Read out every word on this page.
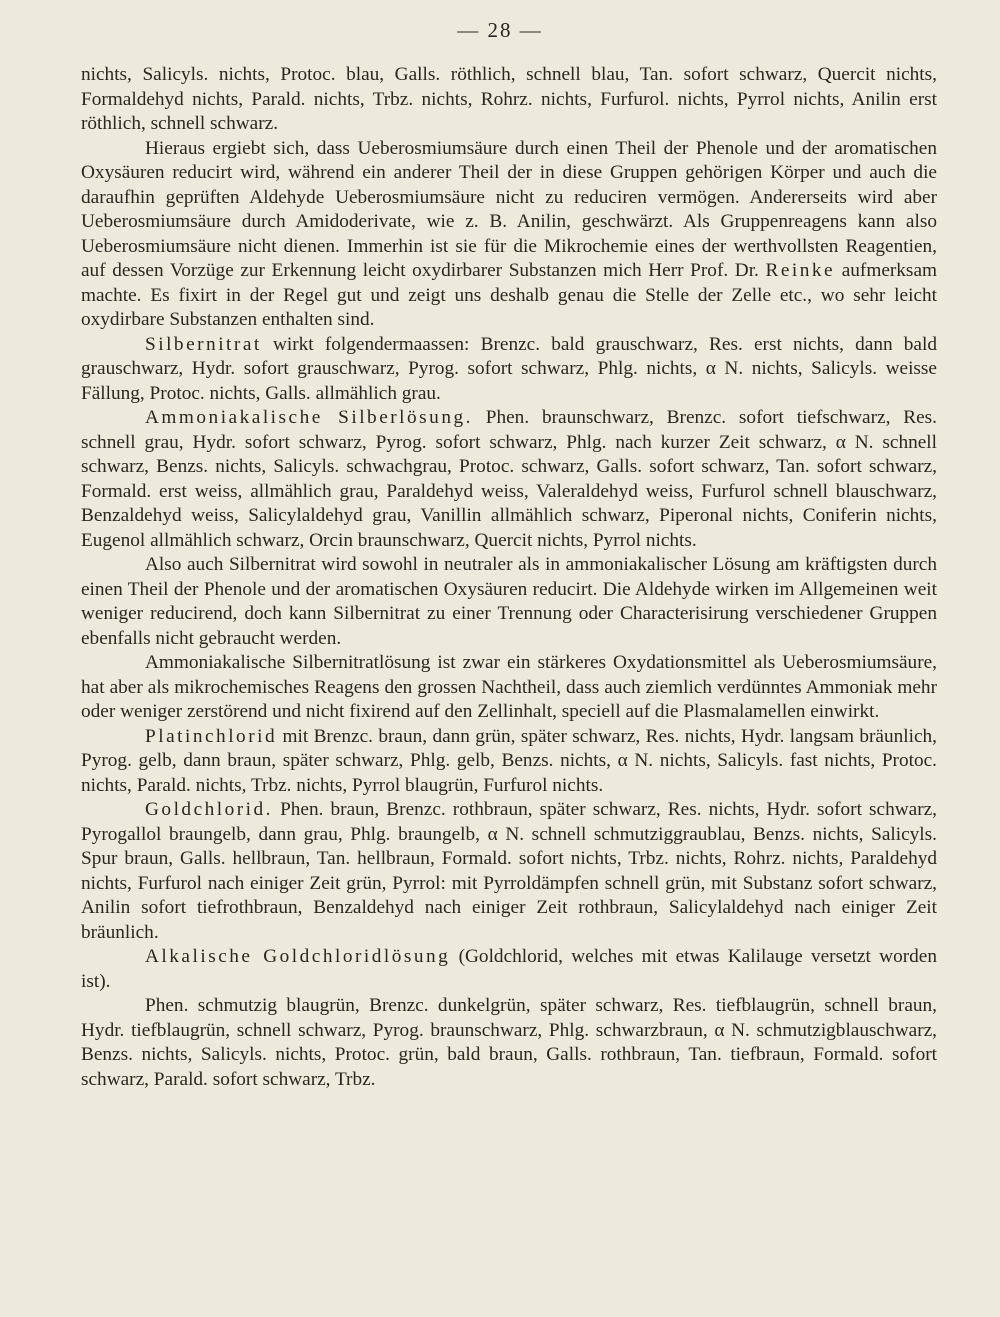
— 28 —

nichts, Salicyls. nichts, Protoc. blau, Galls. röthlich, schnell blau, Tan. sofort schwarz, Quercit nichts, Formaldehyd nichts, Parald. nichts, Trbz. nichts, Rohrz. nichts, Furfurol. nichts, Pyrrol nichts, Anilin erst röthlich, schnell schwarz.

Hieraus ergiebt sich, dass Ueberosmiumsäure durch einen Theil der Phenole und der aromatischen Oxysäuren reducirt wird, während ein anderer Theil der in diese Gruppen gehörigen Körper und auch die daraufhin geprüften Aldehyde Ueberosmiumsäure nicht zu reduciren vermögen. Andererseits wird aber Ueberosmiumsäure durch Amidoderivate, wie z. B. Anilin, geschwärzt. Als Gruppenreagens kann also Ueberosmiumsäure nicht dienen. Immerhin ist sie für die Mikrochemie eines der werthvollsten Reagentien, auf dessen Vorzüge zur Erkennung leicht oxydirbarer Substanzen mich Herr Prof. Dr. Reinke aufmerksam machte. Es fixirt in der Regel gut und zeigt uns deshalb genau die Stelle der Zelle etc., wo sehr leicht oxydirbare Substanzen enthalten sind.

Silbernitrat wirkt folgendermaassen: Brenzc. bald grauschwarz, Res. erst nichts, dann bald grauschwarz, Hydr. sofort grauschwarz, Pyrog. sofort schwarz, Phlg. nichts, α N. nichts, Salicyls. weisse Fällung, Protoc. nichts, Galls. allmählich grau.

Ammoniakalische Silberlösung. Phen. braunschwarz, Brenzc. sofort tiefschwarz, Res. schnell grau, Hydr. sofort schwarz, Pyrog. sofort schwarz, Phlg. nach kurzer Zeit schwarz, α N. schnell schwarz, Benzs. nichts, Salicyls. schwachgrau, Protoc. schwarz, Galls. sofort schwarz, Tan. sofort schwarz, Formald. erst weiss, allmählich grau, Paraldehyd weiss, Valeraldehyd weiss, Furfurol schnell blauschwarz, Benzaldehyd weiss, Salicylaldehyd grau, Vanillin allmählich schwarz, Piperonal nichts, Coniferin nichts, Eugenol allmählich schwarz, Orcin braunschwarz, Quercit nichts, Pyrrol nichts.

Also auch Silbernitrat wird sowohl in neutraler als in ammoniakalischer Lösung am kräftigsten durch einen Theil der Phenole und der aromatischen Oxysäuren reducirt. Die Aldehyde wirken im Allgemeinen weit weniger reducirend, doch kann Silbernitrat zu einer Trennung oder Characterisirung verschiedener Gruppen ebenfalls nicht gebraucht werden.

Ammoniakalische Silbernitratlösung ist zwar ein stärkeres Oxydationsmittel als Ueberosmiumsäure, hat aber als mikrochemisches Reagens den grossen Nachtheil, dass auch ziemlich verdünntes Ammoniak mehr oder weniger zerstörend und nicht fixirend auf den Zellinhalt, speciell auf die Plasmalamellen einwirkt.

Platinchlorid mit Brenzc. braun, dann grün, später schwarz, Res. nichts, Hydr. langsam bräunlich, Pyrog. gelb, dann braun, später schwarz, Phlg. gelb, Benzs. nichts, α N. nichts, Salicyls. fast nichts, Protoc. nichts, Parald. nichts, Trbz. nichts, Pyrrol blaugrün, Furfurol nichts.

Goldchlorid. Phen. braun, Brenzc. rothbraun, später schwarz, Res. nichts, Hydr. sofort schwarz, Pyrogallol braungelb, dann grau, Phlg. braungelb, α N. schnell schmutziggraublau, Benzs. nichts, Salicyls. Spur braun, Galls. hellbraun, Tan. hellbraun, Formald. sofort nichts, Trbz. nichts, Rohrz. nichts, Paraldehyd nichts, Furfurol nach einiger Zeit grün, Pyrrol: mit Pyrroldämpfen schnell grün, mit Substanz sofort schwarz, Anilin sofort tiefrothbraun, Benzaldehyd nach einiger Zeit rothbraun, Salicylaldehyd nach einiger Zeit bräunlich.

Alkalische Goldchloridlösung (Goldchlorid, welches mit etwas Kalilauge versetzt worden ist).

Phen. schmutzig blaugrün, Brenzc. dunkelgrün, später schwarz, Res. tiefblaugrün, schnell braun, Hydr. tiefblaugrün, schnell schwarz, Pyrog. braunschwarz, Phlg. schwarzbraun, α N. schmutzigblauschwarz, Benzs. nichts, Salicyls. nichts, Protoc. grün, bald braun, Galls. rothbraun, Tan. tiefbraun, Formald. sofort schwarz, Parald. sofort schwarz, Trbz.
